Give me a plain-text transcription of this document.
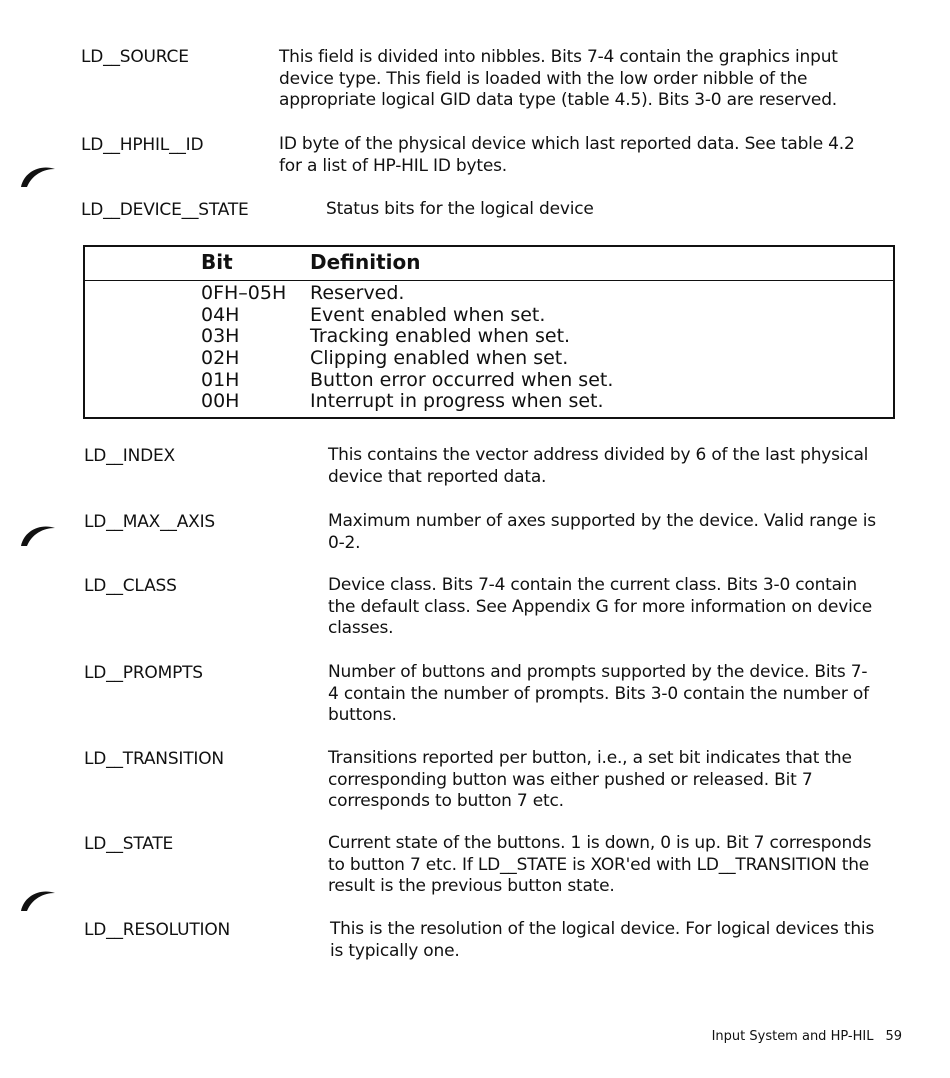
LD__SOURCE	This field is divided into nibbles. Bits 7-4 contain the graphics input device type. This field is loaded with the low order nibble of the appropriate logical GID data type (table 4.5). Bits 3-0 are reserved.
LD__HPHIL__ID	ID byte of the physical device which last reported data. See table 4.2 for a list of HP-HIL ID bytes.
LD__DEVICE__STATE	Status bits for the logical device
Bit	Definition
0FH–05H Reserved.
04H	Event enabled when set.
03H	Tracking enabled when set.
02H	Clipping enabled when set.
01H	Button error occurred when set.
00H	Interrupt in progress when set.
LD__INDEX	This contains the vector address divided by 6 of the last physical device that reported data.
LD__MAX__AXIS	Maximum number of axes supported by the device. Valid range is 0-2.
LD__CLASS	Device class. Bits 7-4 contain the current class. Bits 3-0 contain the default class. See Appendix G for more information on device classes.
LD__PROMPTS	Number of buttons and prompts supported by the device. Bits 7-4 contain the number of prompts. Bits 3-0 contain the number of buttons.
LD__TRANSITION	Transitions reported per button, i.e., a set bit indicates that the corresponding button was either pushed or released. Bit 7 corresponds to button 7 etc.
LD__STATE	Current state of the buttons. 1 is down, 0 is up. Bit 7 corresponds to button 7 etc. If LD__STATE is XOR'ed with LD__TRANSITION the result is the previous button state.
LD__RESOLUTION	This is the resolution of the logical device. For logical devices this is typically one.
Input System and HP-HIL 59
